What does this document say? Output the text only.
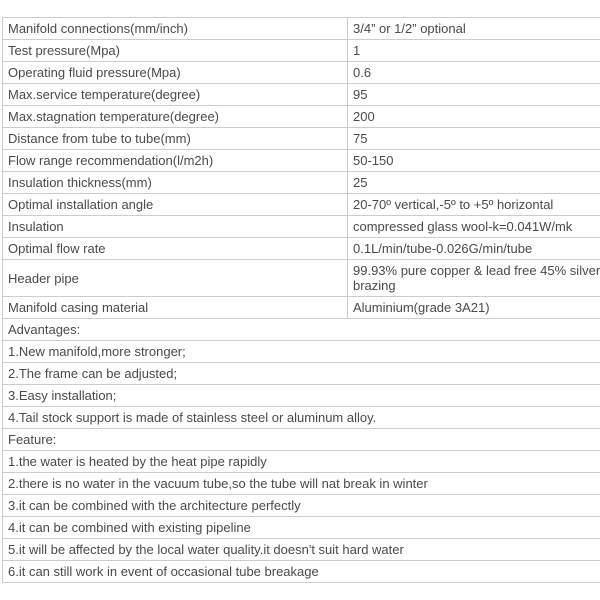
Manifold connections(mm/inch)	3/4” or 1/2” optional
Test pressure(Mpa)	1
Operating fluid pressure(Mpa)	0.6
Max.service temperature(degree)	95
Max.stagnation temperature(degree)	200
Distance from tube to tube(mm)	75
Flow range recommendation(l/m2h)	50-150
Insulation thickness(mm)	25
Optimal installation angle	20-70º vertical,-5º to +5º horizontal
Insulation	compressed glass wool-k=0.041W/mk
Optimal flow rate	0.1L/min/tube-0.026G/min/tube
Header pipe	99.93% pure copper & lead free 45% silver brazing
Manifold casing material	Aluminium(grade 3A21)
Advantages:	
1.New manifold,more stronger;	
2.The frame can be adjusted;	
3.Easy installation;	
4.Tail stock support is made of stainless steel or aluminum alloy.	
Feature:	
1.the water is heated by the heat pipe rapidly	
2.there is no water in the vacuum tube,so the tube will nat break in winter	
3.it can be combined with the architecture perfectly	
4.it can be combined with existing pipeline	
5.it will be affected by the local water quality.it doesn't suit hard water	
6.it can still work in event of occasional tube breakage	
